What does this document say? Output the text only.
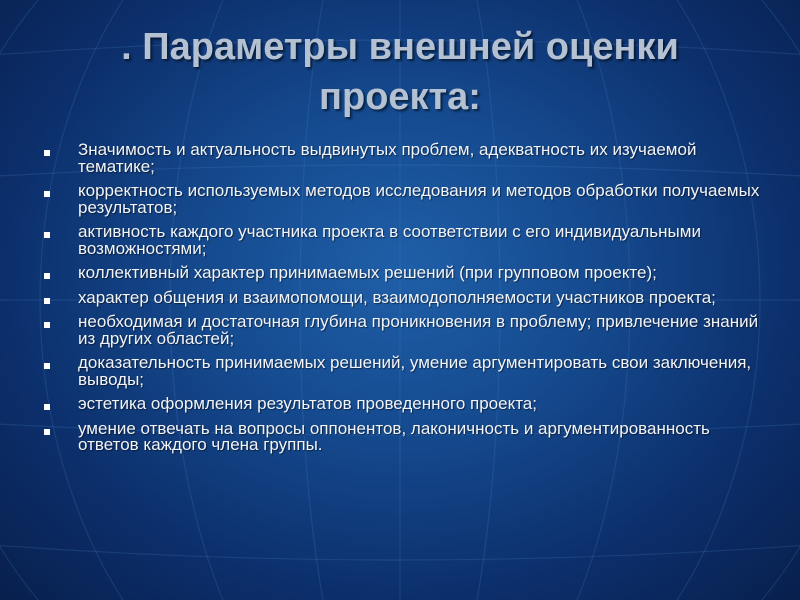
. Параметры внешней оценки проекта:
Значимость и актуальность выдвинутых проблем, адекватность их изучаемой тематике;
корректность используемых методов исследования и методов обработки получаемых результатов;
активность каждого участника проекта в соответствии с его индивидуальными возможностями;
коллективный характер принимаемых решений (при групповом проекте);
характер общения и взаимопомощи, взаимодополняемости участников проекта;
необходимая и достаточная глубина проникновения в проблему; привлечение знаний из других областей;
доказательность принимаемых решений, умение аргументировать свои заключения, выводы;
эстетика оформления результатов проведенного проекта;
умение отвечать на вопросы оппонентов, лаконичность и аргументированность ответов каждого члена группы.
